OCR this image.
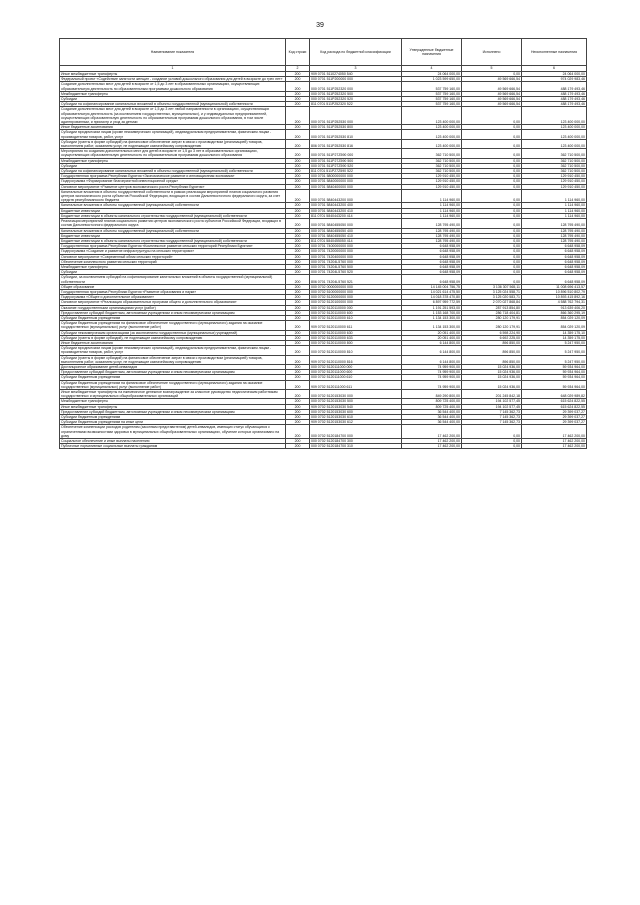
39
Наименование показателя	Код строки	Код расхода по бюджетной классификации	Утвержденные бюджетные назначения	Исполнено	Неисполненные назначения
1	2	3	4	5	6
Иные межбюджетные трансферты	200	909 0701 5110274050 540	24 064 000,00	0,00	24 064 000,00
Федеральный проект «Содействие занятости женщин - создание условий дошкольного образования для детей в возрасте до трех лет»	200	000 0701 511P200000 000	1 023 599 650,00	49 569 666,54	974 029 983,46
Создание дополнительных мест для детей в возрасте от 1,5 до 3 лет в образовательных организациях, осуществляющих образовательную деятельность по образовательным программам дошкольного образования	200	000 0701 511P252320 000	537 759 160,00	49 569 666,54	488 179 493,46
Межбюджетные трансферты	200	000 0701 511P252320 500	537 759 160,00	49 569 666,54	488 179 493,46
Субсидии	200	000 0701 511P252320 520	537 759 160,00	49 569 666,54	488 179 493,46
Субсидии на софинансирование капитальных вложений в объекты государственной (муниципальной) собственности	200	811 0701 511P252320 522	537 759 160,00	49 569 666,54	488 179 493,46
Создание дополнительных мест для детей в возрасте от 1,5 до 3 лет любой направленности в организациях, осуществляющих образовательную деятельность (за исключением государственных, муниципальных), и у индивидуальных предпринимателей, осуществляющих образовательную деятельность по образовательным программам дошкольного образования, в том числе адаптированным, и присмотр и уход за детьми	200	000 0701 511P252530 000	123 400 000,00	0,00	123 400 000,00
Иные бюджетные ассигнования	200	000 0701 511P252530 800	123 400 000,00	0,00	123 400 000,00
Субсидии юридическим лицам (кроме некоммерческих организаций), индивидуальным предпринимателям, физическим лицам - производителям товаров, работ, услуг	200	000 0701 511P252530 810	123 400 000,00	0,00	123 400 000,00
Субсидии (гранты в форме субсидий) на финансовое обеспечение затрат в связи с производством (реализацией) товаров, выполнением работ, оказанием услуг, не подлежащие казначейскому сопровождению	200	806 0701 511P252530 816	123 400 000,00	0,00	123 400 000,00
Мероприятия по созданию дополнительных мест для детей в возрасте от 1,5 до 3 лет в образовательных организациях, осуществляющих образовательную деятельность по образовательным программам дошкольного образования	200	000 0701 511P27Z590 000	362 710 500,00	0,00	362 710 500,00
Межбюджетные трансферты	200	000 0701 511P27Z590 500	362 710 500,00	0,00	362 710 500,00
Субсидии	200	000 0701 511P27Z590 520	362 710 500,00	0,00	362 710 500,00
Субсидии на софинансирование капитальных вложений в объекты государственной (муниципальной) собственности	200	811 0701 511P27Z590 522	362 710 500,00	0,00	362 710 500,00
Государственная программа Республики Бурятия «Экономическое развитие и инновационная экономика»	200	000 0701 5800000000 000	129 910 450,00	0,00	129 910 450,00
Подпрограмма «Формирование благоприятной инвестиционной среды»	200	000 0701 5840000000 000	129 910 450,00	0,00	129 910 450,00
Основное мероприятие «Развитие центров экономического роста Республики Бурятия»	200	000 0701 5840400000 000	129 910 450,00	0,00	129 910 450,00
Капитальные вложения в объекты государственной собственности в рамках реализации мероприятий планов социального развития центров экономического роста субъектов Российской Федерации, входящих в состав Дальневосточного федерального округа, за счет средств республиканского бюджета	200	000 0701 5840443200 000	1 114 960,00	0,00	1 114 960,00
Капитальные вложения в объекты государственной (муниципальной) собственности	200	000 0701 5840443200 400	1 114 960,00	0,00	1 114 960,00
Бюджетные инвестиции	200	000 0701 5840443200 410	1 114 960,00	0,00	1 114 960,00
Бюджетные инвестиции в объекты капитального строительства государственной (муниципальной) собственности	200	811 0701 5840443200 414	1 114 960,00	0,00	1 114 960,00
Реализация мероприятий планов социального развития центров экономического роста субъектов Российской Федерации, входящих в состав Дальневосточного федерального округа	200	000 0701 5840455050 000	128 795 490,00	0,00	128 795 490,00
Капитальные вложения в объекты государственной (муниципальной) собственности	200	000 0701 5840455050 400	128 795 490,00	0,00	128 795 490,00
Бюджетные инвестиции	200	000 0701 5840455050 410	128 795 490,00	0,00	128 795 490,00
Бюджетные инвестиции в объекты капитального строительства государственной (муниципальной) собственности	200	811 0701 5840455050 414	128 795 490,00	0,00	128 795 490,00
Государственная программа Республики Бурятия «Комплексное развитие сельских территорий Республики Бурятия»	200	000 0701 7400000000 000	6 648 958,09	0,00	6 648 958,09
Подпрограмма «Создание и развитие инфраструктуры на сельских территориях»	200	000 0701 7420000000 000	6 648 958,09	0,00	6 648 958,09
Основное мероприятие «Современный облик сельских территорий»	200	000 0701 7420400000 000	6 648 958,09	0,00	6 648 958,09
Обеспечение комплексного развития сельских территорий	200	000 0701 74204L5760 000	6 648 958,09	0,00	6 648 958,09
Межбюджетные трансферты	200	000 0701 74204L5760 500	6 648 958,09	0,00	6 648 958,09
Субсидии	200	000 0701 74204L5760 520	6 648 958,09	0,00	6 648 958,09
Субсидии, за исключением субсидий на софинансирование капитальных вложений в объекты государственной (муниципальной) собственности	200	806 0701 74204L5760 521	6 648 958,09	0,00	6 648 958,09
Общее образование	200	000 0702 0000000000 000	14 145 004 756,75	3 136 307 565,11	11 008 696 413,57
Государственная программа Республики Бурятия «Развитие образования и науки»	200	000 0702 5100000000 000	14 021 614 475,50	3 125 024 558,71	10 896 510 802,79
Подпрограмма «Общее и дополнительное образование»	200	000 0702 5120000000 000	14 018 378 470,80	3 125 020 583,71	10 893 415 892,16
Основное мероприятие «Реализация образовательных программ общего и дополнительного образования»	200	000 0702 5120100000 000	6 897 959 772,59	2 070 027 868,84	4 588 762 794,31
Оказание государственными организациями услуг (работ)	200	000 0702 5120110000 000	1 191 251 593,00	287 913 854,80	913 639 406,20
Предоставление субсидий бюджетным, автономным учреждениям и иным некоммерческим организациям	200	000 0702 5120110000 600	1 153 168 700,00	286 718 404,81	866 360 295,19
Субсидии бюджетным учреждениям	200	000 0702 5120110000 610	1 134 153 300,00	280 120 179,91	854 029 120,09
Субсидии бюджетным учреждениям на финансовое обеспечение государственного (муниципального) задания на оказание государственных (муниципальных) услуг (выполнение работ)	200	909 0702 5120110000 611	1 134 153 300,00	280 120 179,91	854 029 120,09
Субсидии некоммерческим организациям (за исключением государственных (муниципальных) учреждений)	200	000 0702 5120110000 630	20 051 400,00	6 598 224,90	14 359 175,10
Субсидии (гранты в форме субсидий), не подлежащие казначейскому сопровождению	200	000 0702 5120110000 633	20 051 400,00	6 692 225,00	14 359 175,00
Иные бюджетные ассигнования	200	000 0702 5120110000 800	6 144 800,00	896 850,00	5 247 950,00
Субсидии юридическим лицам (кроме некоммерческих организаций), индивидуальным предпринимателям, физическим лицам - производителям товаров, работ, услуг	200	000 0702 5120110000 810	6 144 800,00	896 850,00	5 247 950,00
Субсидии (гранты в форме субсидий) на финансовое обеспечение затрат в связи с производством (реализацией) товаров, выполнением работ, оказанием услуг, не подлежащие казначейскому сопровождению	200	909 0702 5120110000 816	6 144 800,00	896 850,00	5 247 950,00
Дистанционное образование детей-инвалидов	200	000 0702 5120111000 000	74 959 900,00	15 024 936,00	59 934 964,00
Предоставление субсидий бюджетным, автономным учреждениям и иным некоммерческим организациям	200	000 0702 5120111000 600	74 959 900,00	15 024 936,00	59 934 964,00
Субсидии бюджетным учреждениям	200	000 0702 5120111000 610	74 959 900,00	15 024 936,00	59 934 964,00
Субсидии бюджетным учреждениям на финансовое обеспечение государственного (муниципального) задания на оказание государственных (муниципальных) услуг (выполнение работ)	200	909 0702 5120111000 611	74 959 900,00	15 024 936,00	59 934 964,00
Иные межбюджетные трансферты на ежемесячное денежное вознаграждение за классное руководство педагогическим работникам государственных и муниципальных общеобразовательных организаций	200	000 0702 5120153030 000	849 290 800,00	201 245 842,18	648 029 989,82
Межбюджетные трансферты	200	000 0702 5120153030 500	809 725 400,00	194 102 577,45	615 624 822,55
Иные межбюджетные трансферты	200	909 0702 5120153030 540	809 725 400,00	194 102 577,45	615 624 822,55
Предоставление субсидий бюджетным, автономным учреждениям и иным некоммерческим организациям	200	000 0702 5120153030 600	36 544 400,00	7 145 362,73	29 399 037,27
Субсидии бюджетным учреждениям	200	000 0702 5120153030 610	36 544 400,00	7 145 362,73	29 399 037,27
Субсидии бюджетным учреждениям на иные цели	200	909 0702 5120153030 612	36 544 400,00	7 145 362,73	29 399 037,27
Обеспечение компенсации расходов родителям (законным представителям) детей-инвалидов, имеющих статус обучающихся с ограниченными возможностями здоровья в муниципальных общеобразовательных организациях, обучение которых организовано на дому	200	000 0702 5120184700 000	17 462 200,00	0,00	17 462 200,00
Социальное обеспечение и иные выплаты населению	200	000 0702 5120184700 300	17 462 200,00	0,00	17 462 200,00
Публичные нормативные социальные выплаты гражданам	200	000 0702 5120184700 310	17 462 200,00	0,00	17 462 200,00
